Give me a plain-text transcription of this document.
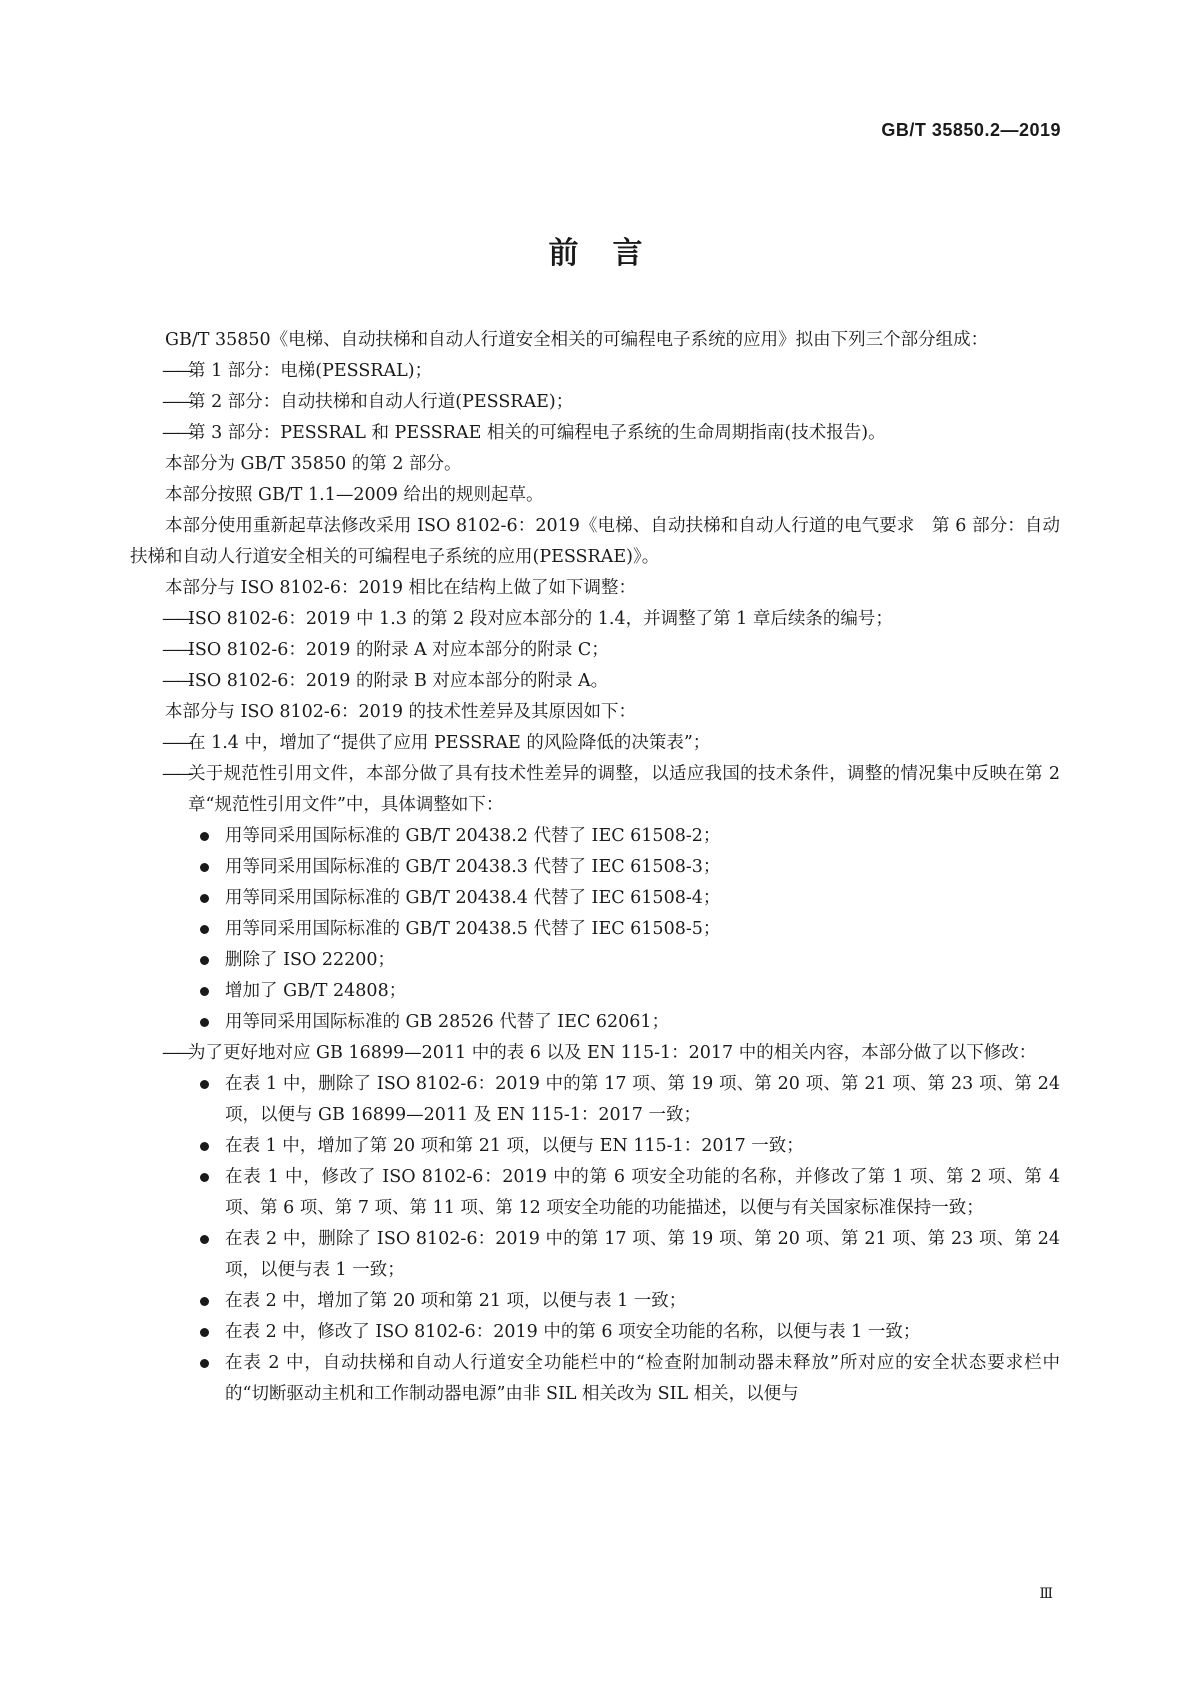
GB/T 35850.2—2019
前言

GB/T 35850《电梯、自动扶梯和自动人行道安全相关的可编程电子系统的应用》拟由下列三个部分组成：

—— 第 1 部分：电梯(PESSRAL)；

—— 第 2 部分：自动扶梯和自动人行道(PESSRAE)；

—— 第 3 部分：PESSRAL 和 PESSRAE 相关的可编程电子系统的生命周期指南(技术报告)。

本部分为 GB/T 35850 的第 2 部分。

本部分按照 GB/T 1.1—2009 给出的规则起草。

本部分使用重新起草法修改采用 ISO 8102-6：2019《电梯、自动扶梯和自动人行道的电气要求　第 6 部分：自动扶梯和自动人行道安全相关的可编程电子系统的应用(PESSRAE)》。

本部分与 ISO 8102-6：2019 相比在结构上做了如下调整：

—— ISO 8102-6：2019 中 1.3 的第 2 段对应本部分的 1.4，并调整了第 1 章后续条的编号；

—— ISO 8102-6：2019 的附录 A 对应本部分的附录 C；

—— ISO 8102-6：2019 的附录 B 对应本部分的附录 A。

本部分与 ISO 8102-6：2019 的技术性差异及其原因如下：

—— 在 1.4 中，增加了“提供了应用 PESSRAE 的风险降低的决策表”；

—— 关于规范性引用文件，本部分做了具有技术性差异的调整，以适应我国的技术条件，调整的情况集中反映在第 2 章“规范性引用文件”中，具体调整如下：

用等同采用国际标准的 GB/T 20438.2 代替了 IEC 61508-2；
用等同采用国际标准的 GB/T 20438.3 代替了 IEC 61508-3；
用等同采用国际标准的 GB/T 20438.4 代替了 IEC 61508-4；
用等同采用国际标准的 GB/T 20438.5 代替了 IEC 61508-5；
删除了 ISO 22200；
增加了 GB/T 24808；
用等同采用国际标准的 GB 28526 代替了 IEC 62061；

—— 为了更好地对应 GB 16899—2011 中的表 6 以及 EN 115-1：2017 中的相关内容，本部分做了以下修改：

在表 1 中，删除了 ISO 8102-6：2019 中的第 17 项、第 19 项、第 20 项、第 21 项、第 23 项、第 24 项，以便与 GB 16899—2011 及 EN 115-1：2017 一致；
在表 1 中，增加了第 20 项和第 21 项，以便与 EN 115-1：2017 一致；
在表 1 中，修改了 ISO 8102-6：2019 中的第 6 项安全功能的名称，并修改了第 1 项、第 2 项、第 4 项、第 6 项、第 7 项、第 11 项、第 12 项安全功能的功能描述，以便与有关国家标准保持一致；
在表 2 中，删除了 ISO 8102-6：2019 中的第 17 项、第 19 项、第 20 项、第 21 项、第 23 项、第 24 项，以便与表 1 一致；
在表 2 中，增加了第 20 项和第 21 项，以便与表 1 一致；
在表 2 中，修改了 ISO 8102-6：2019 中的第 6 项安全功能的名称，以便与表 1 一致；
在表 2 中，自动扶梯和自动人行道安全功能栏中的“检查附加制动器未释放”所对应的安全状态要求栏中的“切断驱动主机和工作制动器电源”由非 SIL 相关改为 SIL 相关，以便与
Ⅲ
